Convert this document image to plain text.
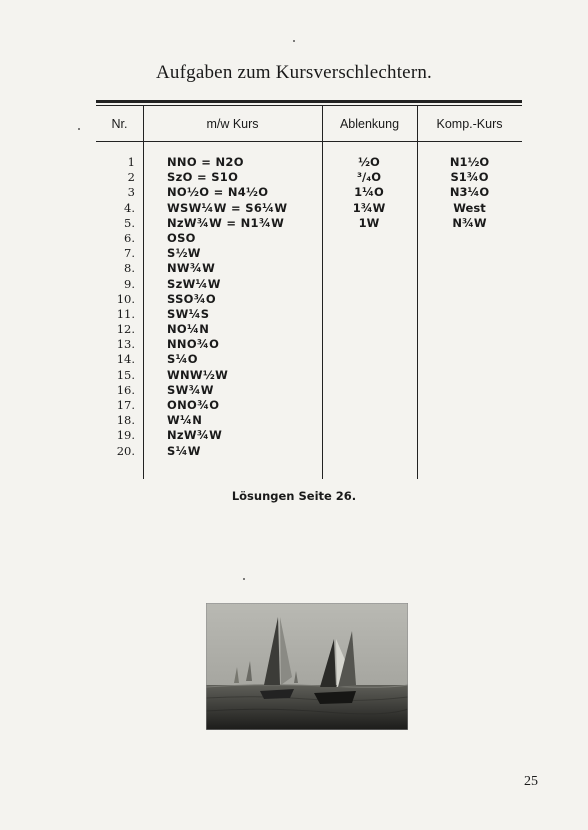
Aufgaben zum Kursverschlechtern.
Nr.	m/w Kurs	Ablenkung	Komp.-Kurs
1	NNO = N2O	½O	N1½O
2	SzO = S1O	³/₄O	S1¾O
3	NO½O = N4½O	1¼O	N3¼O
4.	WSW¼W = S6¼W	1¾W	West
5.	NzW¾W = N1¾W	1W	N¾W
6.	OSO
7.	S½W
8.	NW¾W
9.	SzW¼W
10.	SSO¾O
11.	SW¼S
12.	NO¼N
13.	NNO¾O
14.	S¼O
15.	WNW½W
16.	SW¾W
17.	ONO¾O
18.	W¼N
19.	NzW¾W
20.	S¼W
Lösungen Seite 26.
25
